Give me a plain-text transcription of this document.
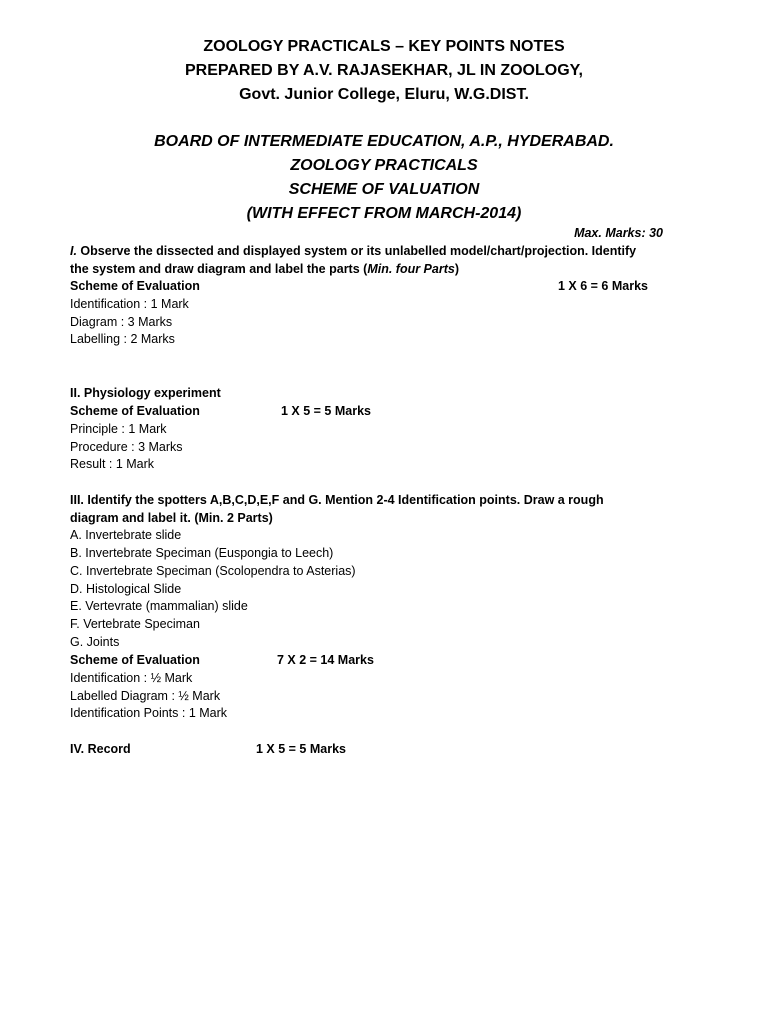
ZOOLOGY PRACTICALS – KEY POINTS NOTES
PREPARED BY A.V. RAJASEKHAR, JL IN ZOOLOGY,
Govt. Junior College, Eluru, W.G.DIST.
BOARD OF INTERMEDIATE EDUCATION, A.P., HYDERABAD.
ZOOLOGY PRACTICALS
SCHEME OF VALUATION
(WITH EFFECT FROM MARCH-2014)
Max. Marks: 30
I. Observe the dissected and displayed system or its unlabelled model/chart/projection. Identify
the system and draw diagram and label the parts (Min. four Parts)
Scheme of Evaluation	1 X 6 = 6 Marks
Identification : 1 Mark
Diagram : 3 Marks
Labelling : 2 Marks
II. Physiology experiment
Scheme of Evaluation	1 X 5 = 5 Marks
Principle : 1 Mark
Procedure : 3 Marks
Result : 1 Mark
III. Identify the spotters A,B,C,D,E,F and G. Mention 2-4 Identification points. Draw a rough
diagram and label it. (Min. 2 Parts)
A. Invertebrate slide
B. Invertebrate Speciman (Euspongia to Leech)
C. Invertebrate Speciman (Scolopendra to Asterias)
D. Histological Slide
E. Vertevrate (mammalian) slide
F. Vertebrate Speciman
G. Joints
Scheme of Evaluation	7 X 2 = 14 Marks
Identification : ½ Mark
Labelled Diagram : ½ Mark
Identification Points : 1 Mark
IV. Record	1 X 5 = 5 Marks
